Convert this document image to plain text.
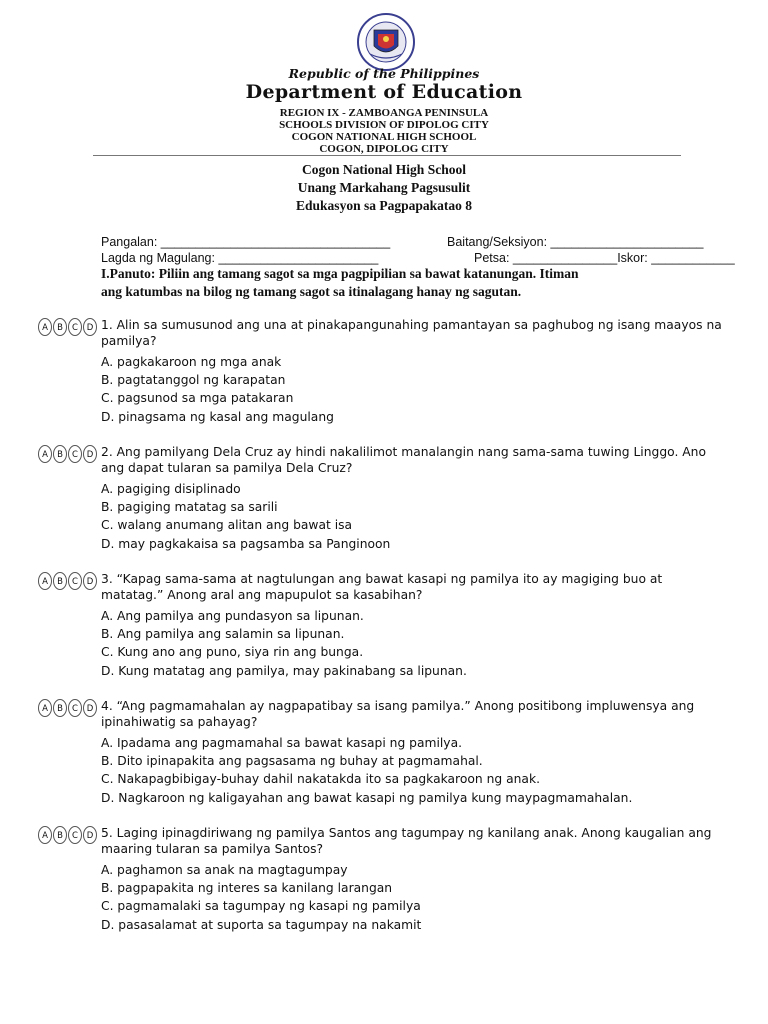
Republic of the Philippines
Department of Education
REGION IX - ZAMBOANGA PENINSULA
SCHOOLS DIVISION OF DIPOLOG CITY
COGON NATIONAL HIGH SCHOOL
COGON, DIPOLOG CITY
Cogon National High School
Unang Markahang Pagsusulit
Edukasyon sa Pagpapakatao 8
Pangalan: _________________________________	Baitang/Seksiyon: ______________________
Lagda ng Magulang: _______________________	Petsa: _______________Iskor: ____________
I.Panuto: Piliin ang tamang sagot sa mga pagpipilian sa bawat katanungan. Itiman
ang katumbas na bilog ng tamang sagot sa itinalagang hanay ng sagutan.
A	B	C	D 1. Alin sa sumusunod ang una at pinakapangunahing pamantayan sa paghubog ng isang maayos na pamilya?
A. pagkakaroon ng mga anak
B. pagtatanggol ng karapatan
C. pagsunod sa mga patakaran
D. pinagsama ng kasal ang magulang
A	B	C	D 2. Ang pamilyang Dela Cruz ay hindi nakalilimot manalangin nang sama-sama tuwing Linggo. Ano ang dapat tularan sa pamilya Dela Cruz?
A. pagiging disiplinado
B. pagiging matatag sa sarili
C. walang anumang alitan ang bawat isa
D. may pagkakaisa sa pagsamba sa Panginoon
A	B	C	D 3. “Kapag sama-sama at nagtulungan ang bawat kasapi ng pamilya ito ay magiging buo at matatag.” Anong aral ang mapupulot sa kasabihan?
A. Ang pamilya ang pundasyon sa lipunan.
B. Ang pamilya ang salamin sa lipunan.
C. Kung ano ang puno, siya rin ang bunga.
D. Kung matatag ang pamilya, may pakinabang sa lipunan.
A	B	C	D 4. “Ang pagmamahalan ay nagpapatibay sa isang pamilya.” Anong positibong impluwensya ang ipinahiwatig sa pahayag?
A. Ipadama ang pagmamahal sa bawat kasapi ng pamilya.
B. Dito ipinapakita ang pagsasama ng buhay at pagmamahal.
C. Nakapagbibigay-buhay dahil nakatakda ito sa pagkakaroon ng anak.
D. Nagkaroon ng kaligayahan ang bawat kasapi ng pamilya kung maypagmamahalan.
A	B	C	D 5. Laging ipinagdiriwang ng pamilya Santos ang tagumpay ng kanilang anak. Anong kaugalian ang maaring tularan sa pamilya Santos?
A. paghamon sa anak na magtagumpay
B. pagpapakita ng interes sa kanilang larangan
C. pagmamalaki sa tagumpay ng kasapi ng pamilya
D. pasasalamat at suporta sa tagumpay na nakamit
